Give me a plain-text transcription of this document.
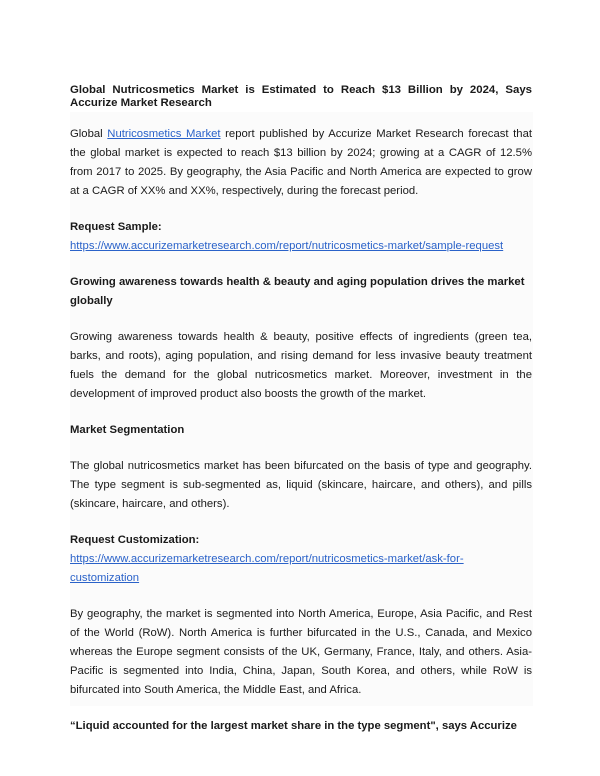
Global Nutricosmetics Market is Estimated to Reach $13 Billion by 2024, Says Accurize Market Research
Global Nutricosmetics Market report published by Accurize Market Research forecast that the global market is expected to reach $13 billion by 2024; growing at a CAGR of 12.5% from 2017 to 2025. By geography, the Asia Pacific and North America are expected to grow at a CAGR of XX% and XX%, respectively, during the forecast period.
Request Sample:
https://www.accurizemarketresearch.com/report/nutricosmetics-market/sample-request
Growing awareness towards health & beauty and aging population drives the market globally
Growing awareness towards health & beauty, positive effects of ingredients (green tea, barks, and roots), aging population, and rising demand for less invasive beauty treatment fuels the demand for the global nutricosmetics market. Moreover, investment in the development of improved product also boosts the growth of the market.
Market Segmentation
The global nutricosmetics market has been bifurcated on the basis of type and geography. The type segment is sub-segmented as, liquid (skincare, haircare, and others), and pills (skincare, haircare, and others).
Request Customization:
https://www.accurizemarketresearch.com/report/nutricosmetics-market/ask-for-customization
By geography, the market is segmented into North America, Europe, Asia Pacific, and Rest of the World (RoW). North America is further bifurcated in the U.S., Canada, and Mexico whereas the Europe segment consists of the UK, Germany, France, Italy, and others. Asia-Pacific is segmented into India, China, Japan, South Korea, and others, while RoW is bifurcated into South America, the Middle East, and Africa.
“Liquid accounted for the largest market share in the type segment", says Accurize
